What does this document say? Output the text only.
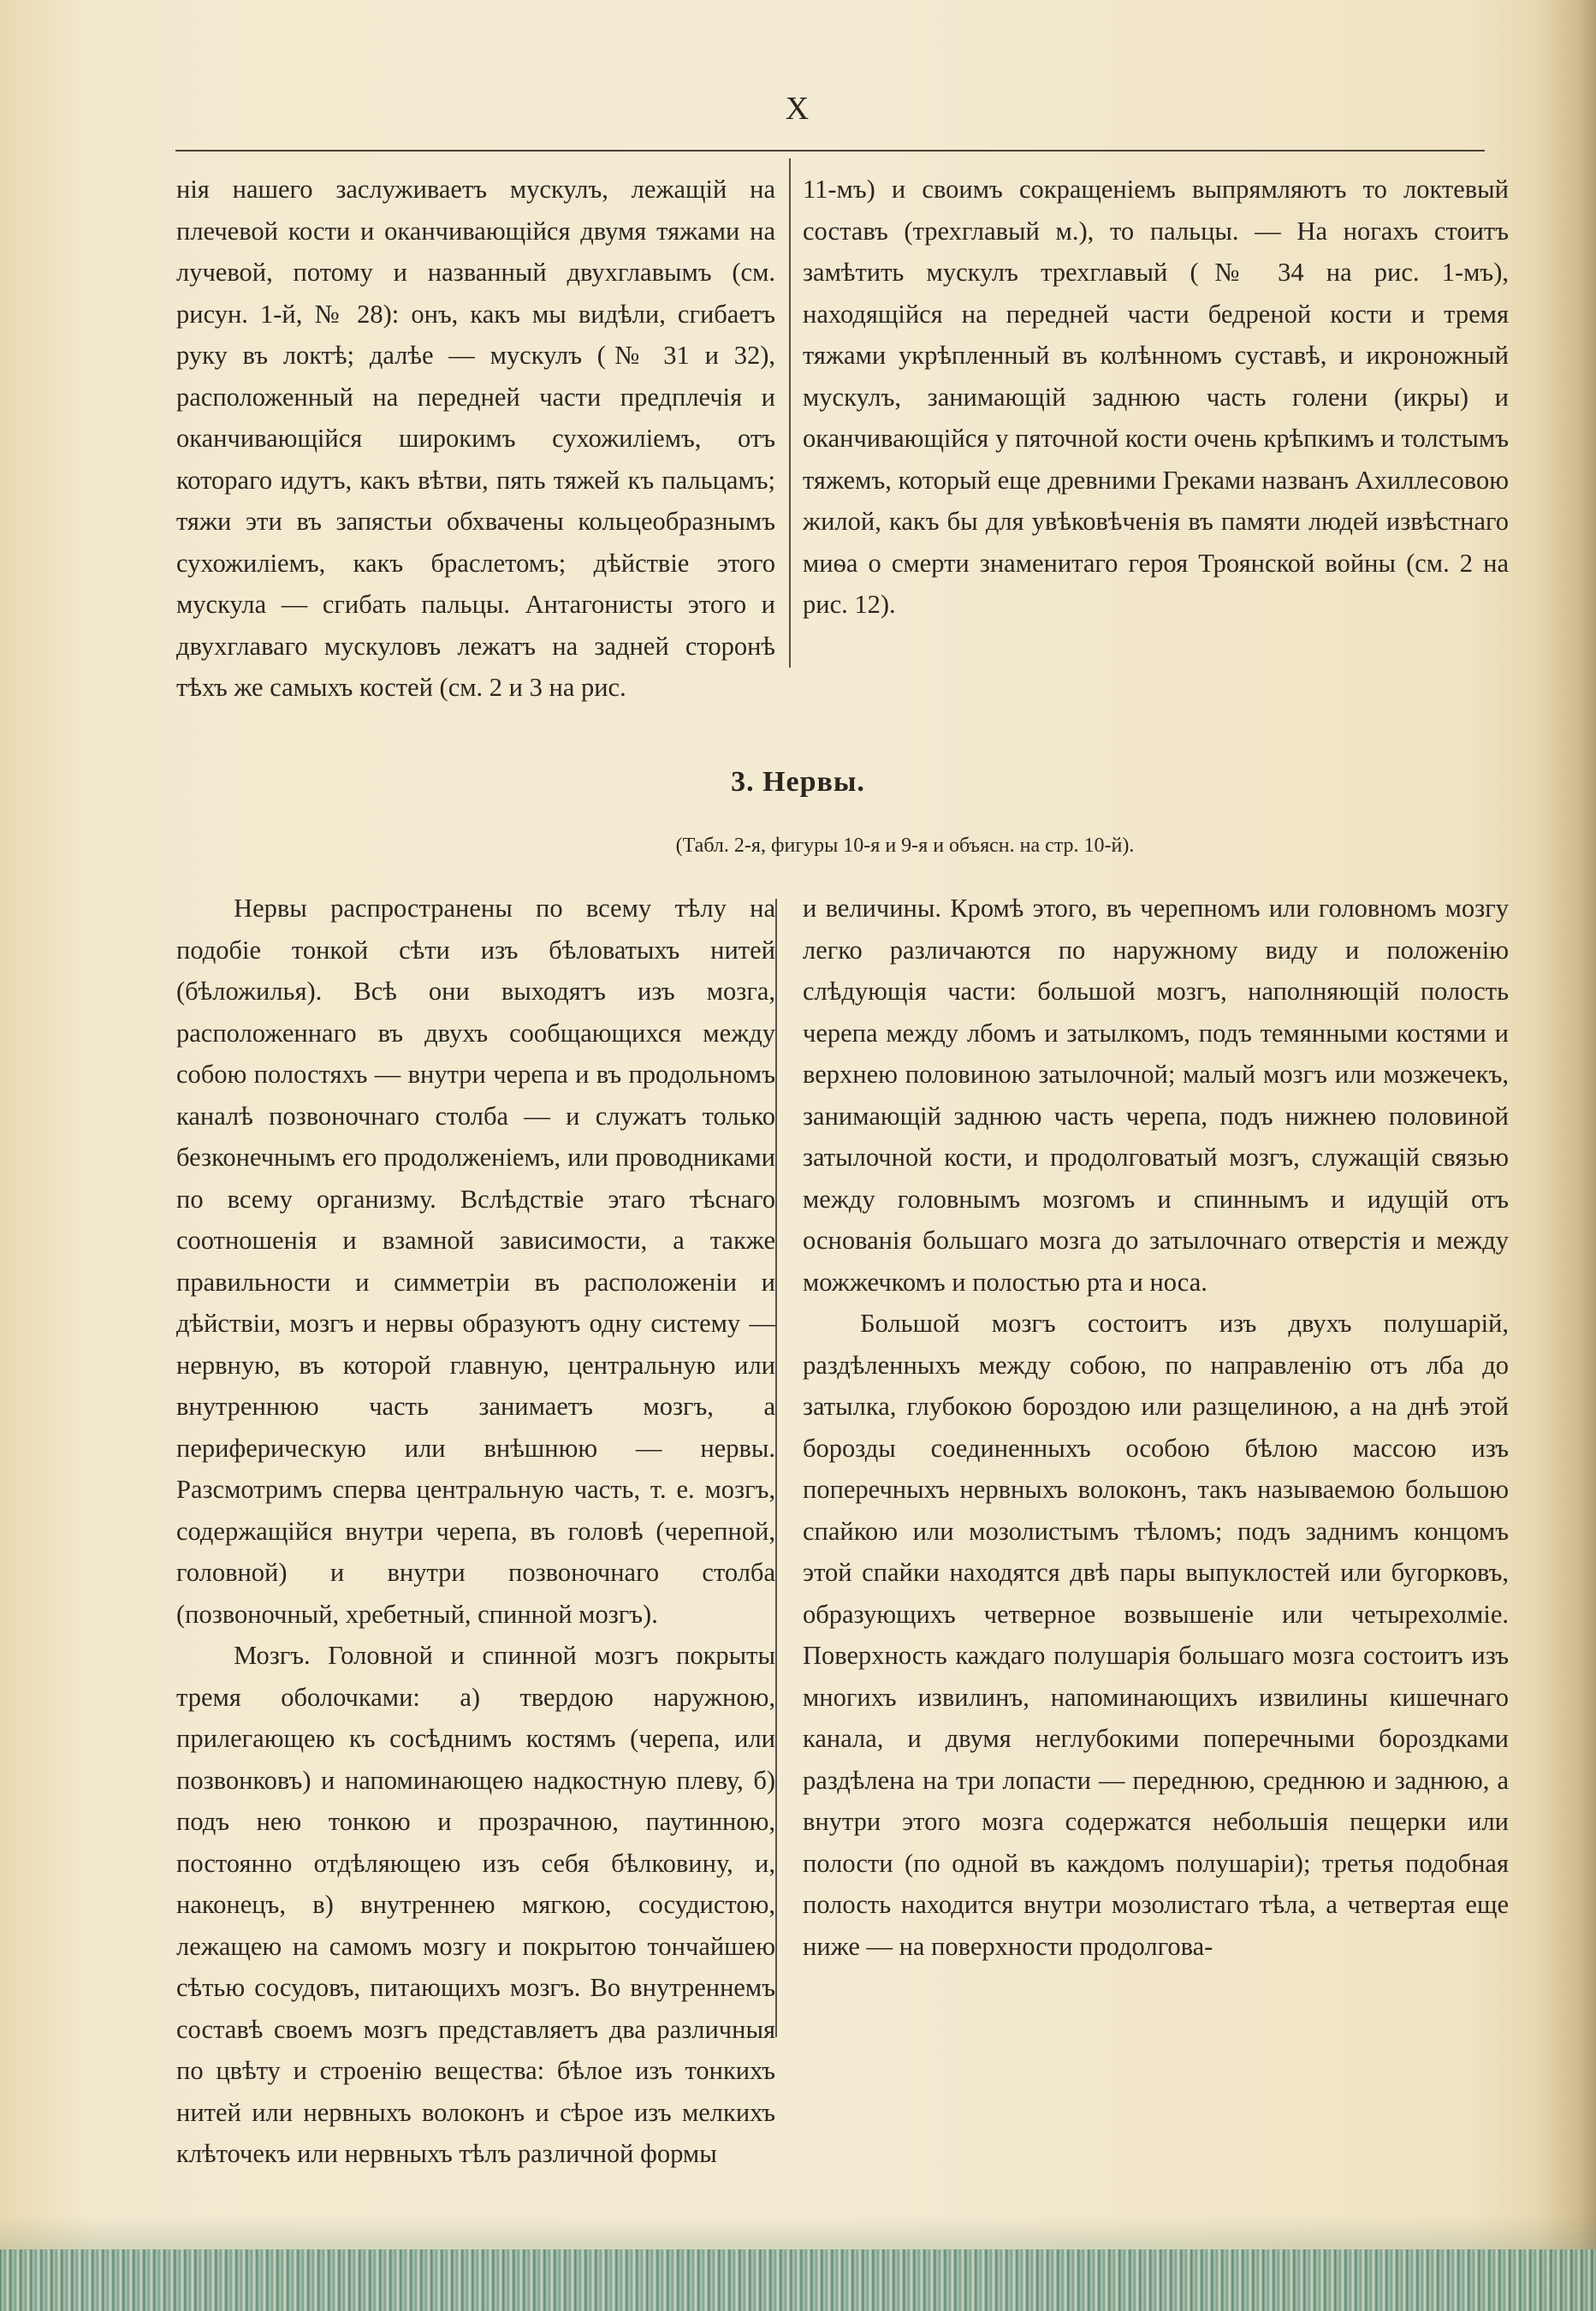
X

нія нашего заслуживаетъ мускулъ, лежащій на плечевой кости и оканчивающійся двумя тяжами на лучевой, потому и названный двухглавымъ (см. рисун. 1-й, № 28): онъ, какъ мы видѣли, сгибаетъ руку въ локтѣ; далѣе — мускулъ (№ 31 и 32), расположенный на передней части предплечія и оканчивающійся широкимъ сухожиліемъ, отъ котораго идутъ, какъ вѣтви, пять тяжей къ пальцамъ; тяжи эти въ запястьи обхвачены кольцеобразнымъ сухожиліемъ, какъ браслетомъ; дѣйствіе этого мускула — сгибать пальцы. Антагонисты этого и двухглаваго мускуловъ лежатъ на задней сторонѣ тѣхъ же самыхъ костей (см. 2 и 3 на рис.

11-мъ) и своимъ сокращеніемъ выпрямляютъ то локтевый составъ (трехглавый м.), то пальцы. — На ногахъ стоитъ замѣтить мускулъ трехглавый (№ 34 на рис. 1-мъ), находящійся на передней части бедреной кости и тремя тяжами укрѣпленный въ колѣнномъ суставѣ, и икроножный мускулъ, занимающій заднюю часть голени (икры) и оканчивающійся у пяточной кости очень крѣпкимъ и толстымъ тяжемъ, который еще древними Греками названъ Ахиллесовою жилой, какъ бы для увѣковѣченія въ памяти людей извѣстнаго миѳа о смерти знаменитаго героя Троянской войны (см. 2 на рис. 12).

3. Нервы.
(Табл. 2-я, фигуры 10-я и 9-я и объясн. на стр. 10-й).

Нервы распространены по всему тѣлу на подобіе тонкой сѣти изъ бѣловатыхъ нитей (бѣложилья). Всѣ они выходятъ изъ мозга, расположеннаго въ двухъ сообщающихся между собою полостяхъ — внутри черепа и въ продольномъ каналѣ позвоночнаго столба — и служатъ только безконечнымъ его продолженіемъ, или проводниками по всему организму. Вслѣдствіе этаго тѣснаго соотношенія и взамной зависимости, а также правильности и симметріи въ расположеніи и дѣйствіи, мозгъ и нервы образуютъ одну систему — нервную, въ которой главную, центральную или внутреннюю часть занимаетъ мозгъ, а периферическую или внѣшнюю — нервы. Разсмотримъ сперва центральную часть, т. е. мозгъ, содержащійся внутри черепа, въ головѣ (черепной, головной) и внутри позвоночнаго столба (позвоночный, хребетный, спинной мозгъ).

Мозгъ. Головной и спинной мозгъ покрыты тремя оболочками: а) твердою наружною, прилегающею къ сосѣднимъ костямъ (черепа, или позвонковъ) и напоминающею надкостную плеву, б) подъ нею тонкою и прозрачною, паутинною, постоянно отдѣляющею изъ себя бѣлковину, и, наконецъ, в) внутреннею мягкою, сосудистою, лежащею на самомъ мозгу и покрытою тончайшею сѣтью сосудовъ, питающихъ мозгъ. Во внутреннемъ составѣ своемъ мозгъ представляетъ два различныя по цвѣту и строенію вещества: бѣлое изъ тонкихъ нитей или нервныхъ волоконъ и сѣрое изъ мелкихъ клѣточекъ или нервныхъ тѣлъ различной формы

и величины. Кромѣ этого, въ черепномъ или головномъ мозгу легко различаются по наружному виду и положенію слѣдующія части: большой мозгъ, наполняющій полость черепа между лбомъ и затылкомъ, подъ темянными костями и верхнею половиною затылочной; малый мозгъ или мозжечекъ, занимающій заднюю часть черепа, подъ нижнею половиной затылочной кости, и продолговатый мозгъ, служащій связью между головнымъ мозгомъ и спиннымъ и идущій отъ основанія большаго мозга до затылочнаго отверстія и между можжечкомъ и полостью рта и носа.

Большой мозгъ состоитъ изъ двухъ полушарій, раздѣленныхъ между собою, по направленію отъ лба до затылка, глубокою бороздою или разщелиною, а на днѣ этой борозды соединенныхъ особою бѣлою массою изъ поперечныхъ нервныхъ волоконъ, такъ называемою большою спайкою или мозолистымъ тѣломъ; подъ заднимъ концомъ этой спайки находятся двѣ пары выпуклостей или бугорковъ, образующихъ четверное возвышеніе или четырехолміе. Поверхность каждаго полушарія большаго мозга состоитъ изъ многихъ извилинъ, напоминающихъ извилины кишечнаго канала, и двумя неглубокими поперечными бороздками раздѣлена на три лопасти — переднюю, среднюю и заднюю, а внутри этого мозга содержатся небольшія пещерки или полости (по одной въ каждомъ полушаріи); третья подобная полость находится внутри мозолистаго тѣла, а четвертая еще ниже — на поверхности продолгова-
